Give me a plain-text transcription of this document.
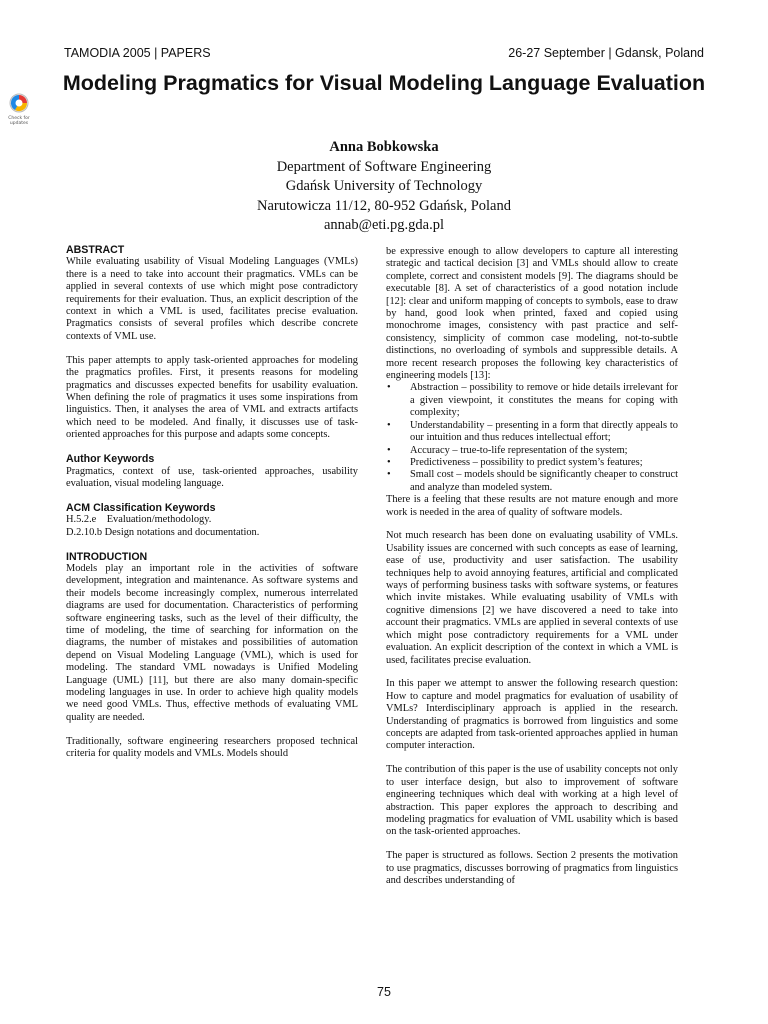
TAMODIA 2005 | PAPERS	26-27 September | Gdansk, Poland
Check for
updates
Modeling Pragmatics for Visual Modeling Language Evaluation
Anna Bobkowska
Department of Software Engineering
Gdańsk University of Technology
Narutowicza 11/12, 80-952 Gdańsk, Poland
annab@eti.pg.gda.pl
ABSTRACT

While evaluating usability of Visual Modeling Languages (VMLs) there is a need to take into account their pragmatics. VMLs can be applied in several contexts of use which might pose contradictory requirements for their evaluation. Thus, an explicit description of the context in which a VML is used, facilitates precise evaluation. Pragmatics consists of several profiles which describe concrete contexts of VML use.

This paper attempts to apply task-oriented approaches for modeling the pragmatics profiles. First, it presents reasons for modeling pragmatics and discusses expected benefits for usability evaluation. When defining the role of pragmatics it uses some inspirations from linguistics. Then, it analyses the area of VML and extracts artifacts which need to be modeled. And finally, it discusses use of task-oriented approaches for this purpose and adapts some concepts.

Author Keywords

Pragmatics, context of use, task-oriented approaches, usability evaluation, visual modeling language.

ACM Classification Keywords

H.5.2.e    Evaluation/methodology.

D.2.10.b Design notations and documentation.

INTRODUCTION

Models play an important role in the activities of software development, integration and maintenance. As software systems and their models become increasingly complex, numerous interrelated diagrams are used for documentation. Characteristics of performing software engineering tasks, such as the level of their difficulty, the time of modeling, the time of searching for information on the diagrams, the number of mistakes and possibilities of automation depend on Visual Modeling Language (VML), which is used for modeling. The standard VML nowadays is Unified Modeling Language (UML) [11], but there are also many domain-specific modeling languages in use. In order to achieve high quality models we need good VMLs. Thus, effective methods of evaluating VML quality are needed.

Traditionally, software engineering researchers proposed technical criteria for quality models and VMLs. Models should

be expressive enough to allow developers to capture all interesting strategic and tactical decision [3] and VMLs should allow to create complete, correct and consistent models [9]. The diagrams should be executable [8]. A set of characteristics of a good notation include [12]: clear and uniform mapping of concepts to symbols, ease to draw by hand, good look when printed, faxed and copied using monochrome images, consistency with past practice and self-consistency, simplicity of common case modeling, not-to-subtle distinctions, no overloading of symbols and suppressible details. A more recent research proposes the following key characteristics of engineering models [13]:

• Abstraction – possibility to remove or hide details irrelevant for a given viewpoint, it constitutes the means for coping with complexity;
• Understandability – presenting in a form that directly appeals to our intuition and thus reduces intellectual effort;
• Accuracy – true-to-life representation of the system;
• Predictiveness – possibility to predict system’s features;
• Small cost – models should be significantly cheaper to construct and analyze than modeled system.

There is a feeling that these results are not mature enough and more work is needed in the area of quality of software models.

Not much research has been done on evaluating usability of VMLs. Usability issues are concerned with such concepts as ease of learning, ease of use, productivity and user satisfaction. The usability techniques help to avoid annoying features, artificial and complicated ways of performing business tasks with software systems, or features which invite mistakes. While evaluating usability of VMLs with cognitive dimensions [2] we have discovered a need to take into account their pragmatics. VMLs are applied in several contexts of use which might pose contradictory requirements for a VML under evaluation. An explicit description of the context in which a VML is used, facilitates precise evaluation.

In this paper we attempt to answer the following research question: How to capture and model pragmatics for evaluation of usability of VMLs? Interdisciplinary approach is applied in the research. Understanding of pragmatics is borrowed from linguistics and some concepts are adapted from task-oriented approaches applied in human computer interaction.

The contribution of this paper is the use of usability concepts not only to user interface design, but also to improvement of software engineering techniques which deal with working at a high level of abstraction. This paper explores the approach to describing and modeling pragmatics for evaluation of VML usability which is based on the task-oriented approaches.

The paper is structured as follows. Section 2 presents the motivation to use pragmatics, discusses borrowing of pragmatics from linguistics and describes understanding of

75
